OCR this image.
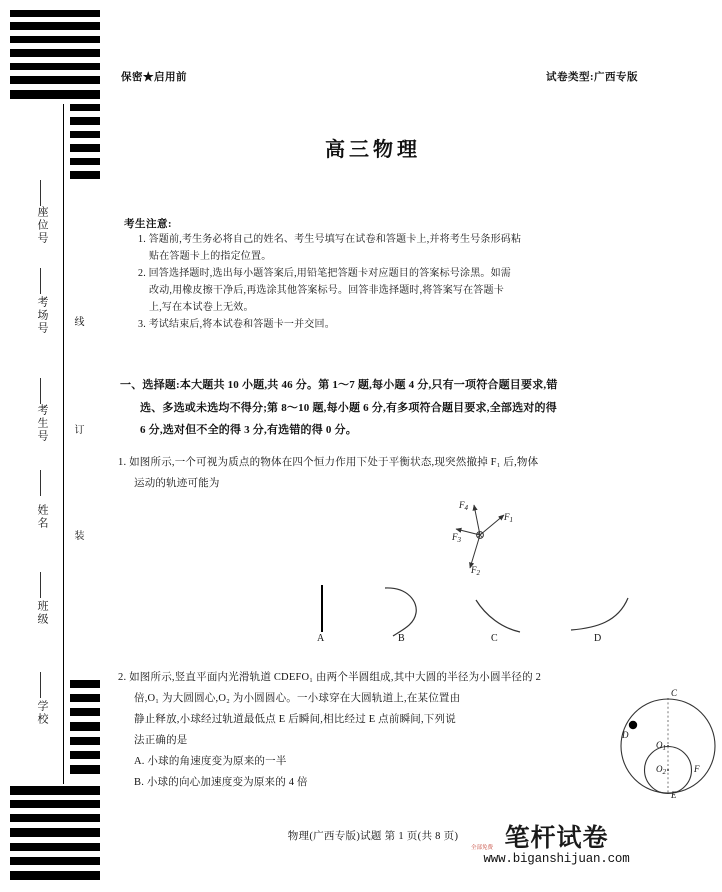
线
订
装
座位号
考场号
考生号
姓名
班级
学校
保密★启用前	试卷类型:广西专版
高三物理
考生注意:
1. 答题前,考生务必将自己的姓名、考生号填写在试卷和答题卡上,并将考生号条形码粘
贴在答题卡上的指定位置。
2. 回答选择题时,选出每小题答案后,用铅笔把答题卡对应题目的答案标号涂黑。如需
改动,用橡皮擦干净后,再选涂其他答案标号。回答非选择题时,将答案写在答题卡
上,写在本试卷上无效。
3. 考试结束后,将本试卷和答题卡一并交回。
一、选择题:本大题共 10 小题,共 46 分。第 1～7 题,每小题 4 分,只有一项符合题目要求,错
选、多选或未选均不得分;第 8～10 题,每小题 6 分,有多项符合题目要求,全部选对的得
6 分,选对但不全的得 3 分,有选错的得 0 分。
1. 如图所示,一个可视为质点的物体在四个恒力作用下处于平衡状态,现突然撤掉 F₁ 后,物体
运动的轨迹可能为
$F_1$
$F_2$
$F_3$
$F_4$
A	B	C	D
2. 如图所示,竖直平面内光滑轨道 CDEFO₁ 由两个半圆组成,其中大圆的半径为小圆半径的 2
倍,O₁ 为大圆圆心,O₂ 为小圆圆心。一小球穿在大圆轨道上,在某位置由
静止释放,小球经过轨道最低点 E 后瞬间,相比经过 E 点前瞬间,下列说
法正确的是
A. 小球的角速度变为原来的一半
B. 小球的向心加速度变为原来的 4 倍
C
D
E
F
$O_1$
$O_2$
物理(广西专版)试题 第 1 页(共 8 页)	笔杆试卷
全部免费
www.biganshijuan.com
